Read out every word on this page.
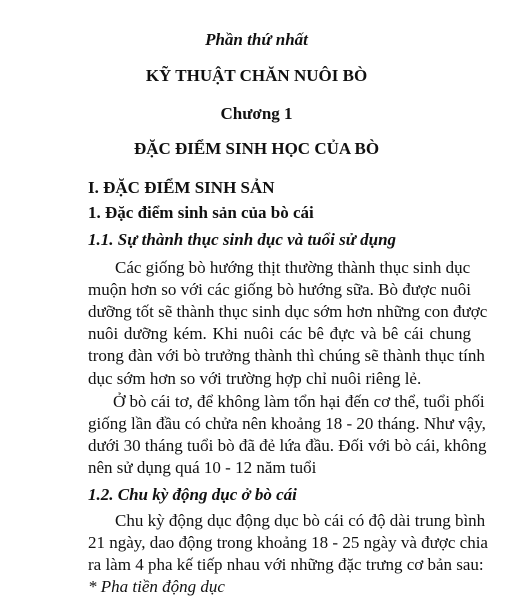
Phần thứ nhất
KỸ THUẬT CHĂN NUÔI BÒ
Chương 1
ĐẶC ĐIỂM SINH HỌC CỦA BÒ
I. ĐẶC ĐIỂM SINH SẢN
1. Đặc điểm sinh sản của bò cái
1.1. Sự thành thục sinh dục và tuổi sử dụng
Các giống bò hướng thịt thường thành thục sinh dục
muộn hơn so với các giống bò hướng sữa. Bò được nuôi
dưỡng tốt sẽ thành thục sinh dục sớm hơn những con được
nuôi dưỡng kém. Khi nuôi các bê đực và bê cái chung
trong đàn với bò trưởng thành thì chúng sẽ thành thục tính
dục sớm hơn so với trường hợp chỉ nuôi riêng lẻ.
Ở bò cái tơ, để không làm tổn hại đến cơ thể, tuổi phối
giống lần đầu có chửa nên khoảng 18 - 20 tháng. Như vậy,
dưới 30 tháng tuổi bò đã đẻ lứa đầu. Đối với bò cái, không
nên sử dụng quá 10 - 12 năm tuổi
1.2. Chu kỳ động dục ở bò cái
Chu kỳ động dục động dục bò cái có độ dài trung bình
21 ngày, dao động trong khoảng 18 - 25 ngày và được chia
ra làm 4 pha kế tiếp nhau với những đặc trưng cơ bản sau:
* Pha tiền động dục
